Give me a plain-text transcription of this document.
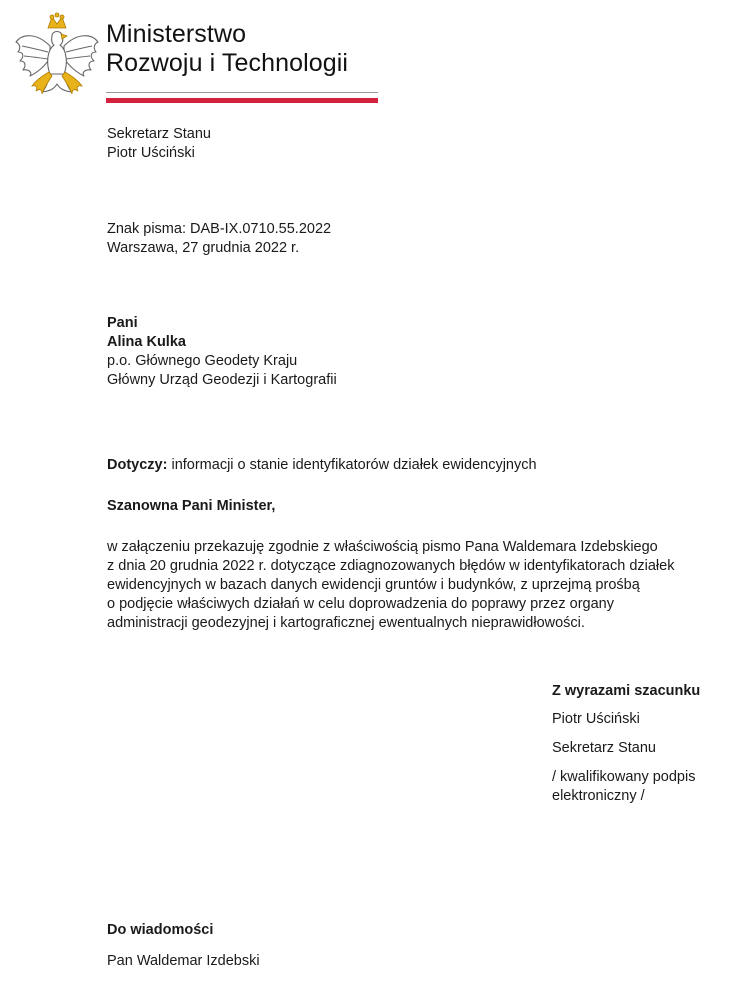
Ministerstwo
Rozwoju i Technologii
Sekretarz Stanu
Piotr Uściński
Znak pisma: DAB-IX.0710.55.2022
Warszawa, 27 grudnia 2022 r.
Pani
Alina Kulka
p.o. Głównego Geodety Kraju
Główny Urząd Geodezji i Kartografii
Dotyczy: informacji o stanie identyfikatorów działek ewidencyjnych
Szanowna Pani Minister,
w załączeniu przekazuję zgodnie z właściwością pismo Pana Waldemara Izdebskiego
z dnia 20 grudnia 2022 r. dotyczące zdiagnozowanych błędów w identyfikatorach działek
ewidencyjnych w bazach danych ewidencji gruntów i budynków, z uprzejmą prośbą
o podjęcie właściwych działań w celu doprowadzenia do poprawy przez organy
administracji geodezyjnej i kartograficznej ewentualnych nieprawidłowości.
Z wyrazami szacunku
Piotr Uściński
Sekretarz Stanu
/ kwalifikowany podpis
elektroniczny /
Do wiadomości
Pan Waldemar Izdebski
